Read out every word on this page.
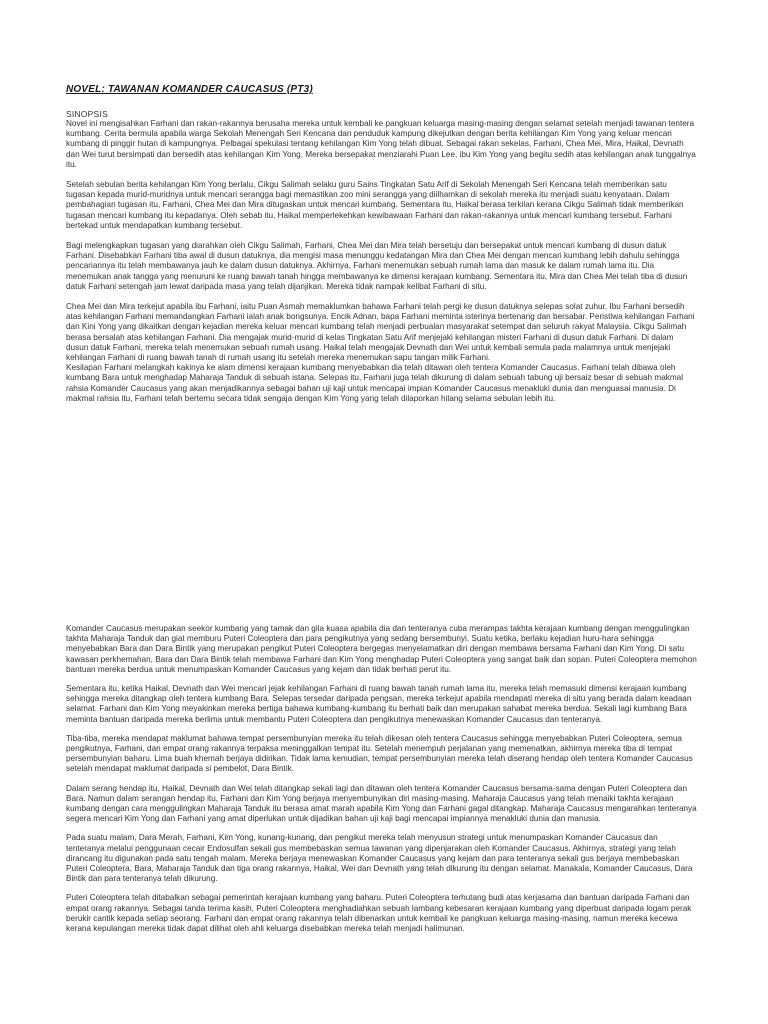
NOVEL: TAWANAN KOMANDER CAUCASUS (PT3)

SINOPSIS

Novel ini mengisahkan Farhani dan rakan-rakannya berusaha mereka untuk kembali ke pangkuan keluarga masing-masing dengan selamat setelah menjadi tawanan tentera kumbang. Cerita bermula apabila warga Sekolah Menengah Seri Kencana dan penduduk kampung dikejutkan dengan berita kehilangan Kim Yong yang keluar mencari kumbang di pinggir hutan di kampungnya. Pelbagai spekulasi tentang kehilangan Kim Yong telah dibuat. Sebagai rakan sekelas, Farhani, Chea Mei, Mira, Haikal, Devnath dan Wei turut bersimpati dan bersedih atas kehilangan Kim Yong. Mereka bersepakat menziarahi Puan Lee, ibu Kim Yong yang begitu sedih atas kehilangan anak tunggalnya itu.

Setelah sebulan berita kehilangan Kim Yong berlalu, Cikgu Salimah selaku guru Sains Tingkatan Satu Arif di Sekolah Menengah Seri Kencana telah memberikan satu tugasan kepada murid-muridnya untuk mencari serangga bagi memastikan zoo mini serangga yang diilhamkan di sekolah mereka itu menjadi suatu kenyataan. Dalam pembahagian tugasan itu, Farhani, Chea Mei dan Mira ditugaskan untuk mencari kumbang. Sementara itu, Haikal berasa terkilan kerana Cikgu Salimah tidak memberikan tugasan mencari kumbang itu kepadanya. Oleh sebab itu, Haikal memperlekehkan kewibawaan Farhani dan rakan-rakannya untuk mencari kumbang tersebut. Farhani bertekad untuk mendapatkan kumbang tersebut.

Bagi melengkapkan tugasan yang diarahkan oleh Cikgu Salimah, Farhani, Chea Mei dan Mira telah bersetuju dan bersepakat untuk mencari kumbang di dusun datuk Farhani. Disebabkan Farhani tiba awal di dusun datuknya, dia mengisi masa menunggu kedatangan Mira dan Chea Mei dengan mencari kumbang lebih dahulu sehingga pencariannya itu telah membawanya jauh ke dalam dusun datuknya. Akhirnya, Farhani menemukan sebuah rumah lama dan masuk ke dalam rumah lama itu. Dia menemukan anak tangga yang menuruni ke ruang bawah tanah hingga membawanya ke dimensi kerajaan kumbang. Sementara itu, Mira dan Chea Mei telah tiba di dusun datuk Farhani setengah jam lewat daripada masa yang telah dijanjikan. Mereka tidak nampak kelibat Farhani di situ.

Chea Mei dan Mira terkejut apabila ibu Farhani, iaitu Puan Asmah memaklumkan bahawa Farhani telah pergi ke dusun datuknya selepas solat zuhur. Ibu Farhani bersedih atas kehilangan Farhani memandangkan Farhani ialah anak bongsunya. Encik Adnan, bapa Farhani meminta isterinya bertenang dan bersabar. Peristiwa kehilangan Farhani dan Kini Yong yang dikaitkan dengan kejadian mereka keluar mencari kumbang telah menjadi perbualan masyarakat setempat dan seluruh rakyat Malaysia. Cikgu Salimah berasa bersalah atas kehilangan Farhani. Dia mengajak murid-murid di kelas Tingkatan Satu Arif menjejaki kehilangan misteri Farhani di dusun datuk Farhani. Di dalam dusun datuk Farhani, mereka telah menemukan sebuah rumah usang. Haikal telah mengajak Devnath dan Wei untuk kembali semula pada malamnya untuk menjejaki kehilangan Farhani di ruang bawah tanah di rumah usang itu setelah mereka menemukan sapu tangan milik Farhani.

Kesilapan Farhani melangkah kakinya ke alam dimensi kerajaan kumbang menyebabkan dia telah ditawan oleh tentera Komander Caucasus. Farhani telah dibawa oleh kumbang Bara untuk menghadap Maharaja Tanduk di sebuah istana. Selepas itu, Farhani juga telah dikurung di dalam sebuah tabung uji bersaiz besar di sebuah makmal rahsia Komander Caucasus yang akan menjadikannya sebagai bahan uji kaji untuk mencapai impian Komander Caucasus menakluki dunia dan menguasai manusia. Di makmal rahsia itu, Farhani telah bertemu secara tidak sengaja dengan Kim Yong yang telah dilaporkan hilang selama sebulan lebih itu.

Komander Caucasus merupakan seekor kumbang yang tamak dan gila kuasa apabila dia dan tenteranya cuba merampas takhta kerajaan kumbang dengan menggulingkan takhta Maharaja Tanduk dan giat memburu Puteri Coleoptera dan para pengikutnya yang sedang bersembunyi. Suatu ketika, berlaku kejadian huru-hara sehingga menyebabkan Bara dan Dara Bintik yang merupakan pengikut Puteri Coleoptera bergegas menyelamatkan diri dengan membawa bersama Farhani dan Kim Yong. Di satu kawasan perkhemahan, Bara dan Dara Bintik telah membawa Farhani dan Kim Yong menghadap Puteri Coleoptera yang sangat baik dan sopan. Puteri Coleoptera memohon bantuan mereka berdua untuk menumpaskan Komander Caucasus yang kejam dan tidak berhati perut itu.

Sementara itu, ketika Haikal, Devnath dan Wei mencari jejak kehilangan Farhani di ruang bawah tanah rumah lama itu, mereka telah memasuki dimensi kerajaan kumbang sehingga mereka ditangkap oleh tentera kumbang Bara. Selepas tersedar daripada pengsan, mereka terkejut apabila mendapati mereka di situ yang berada dalam keadaan selamat. Farhani dan Kim Yong meyakinkan mereka bertiga bahawa kumbang-kumbang itu berhati baik dan merupakan sahabat mereka berdua. Sekali lagi kumbang Bara meminta bantuan daripada mereka berlima untuk membantu Puteri Coleoptera dan pengikutnya menewaskan Komander Caucasus dan tenteranya.

Tiba-tiba, mereka mendapat maklumat bahawa tempat persembunyian mereka itu telah dikesan oleh tentera Caucasus sehingga menyebabkan Puteri Coleoptera, semua pengikutnya, Farhani, dan empat orang rakannya terpaksa meninggalkan tempat itu. Setelah menempuh perjalanan yang memenatkan, akhirnya mereka tiba di tempat persembunyian baharu. Lima buah khemah berjaya didirikan. Tidak lama kemudian, tempat persembunyian mereka telah diserang hendap oleh tentera Komander Caucasus setelah mendapat maklumat daripada si pembelot, Dara Bintik.

Dalam serang hendap itu, Haikal, Devnath dan Wei telah ditangkap sekali lagi dan ditawan oleh tentera Komander Caucasus bersama-sama dengan Puteri Coleoptera dan Bara. Namun dalam serangan hendap itu, Farhani dan Kim Yong berjaya menyembunyikan diri masing-masing. Maharaja Caucasus yang telah menaiki takhta kerajaan kumbang dengan cara menggulingkan Maharaja Tanduk itu berasa amat marah apabila Kim Yong dan Farhani gagal ditangkap. Maharaja Caucasus mengarahkan tenteranya segera mencari Kim Yong dan Farhani yang amat diperlukan untuk dijadikan bahan uji kaji bagi mencapai impiannya menakluki dunia dan manusia.

Pada suatu malam, Dara Merah, Farhani, Kim Yong, kunang-kunang, dan pengikut mereka telah menyusun strategi untuk menumpaskan Komander Caucasus dan tenteranya melalui penggunaan cecair Endosulfan sekali gus membebaskan semua tawanan yang dipenjarakan oleh Komander Caucasus. Akhirnya, strategi yang telah dirancang itu digunakan pada satu tengah malam. Mereka berjaya menewaskan Komander Caucasus yang kejam dan para tenteranya sekali gus berjaya membebaskan Puteri Coleoptera, Bara, Maharaja Tanduk dan tiga orang rakannya, Haikal, Wei dan Devnath yang telah dikurung itu dengan selamat. Manakala, Komander Caucasus, Dara Bintik dan para tenteranya telah dikurung.

Puteri Coleoptera telah ditabalkan sebagai pemerintah kerajaan kumbang yang baharu. Puteri Coleoptera terhutang budi atas kerjasama dan bantuan daripada Farhani dan empat orang rakannya. Sebagai tanda terima kasih, Puteri Coleoptera menghadiahkan sebuah lambang kebesaran kerajaan kumbang yang diperbuat daripada logam perak berukir cantik kepada setiap seorang. Farhani dan empat orang rakannya telah dibenarkan untuk kembali ke pangkuan keluarga masing-masing, namun mereka kecewa kerana kepulangan mereka tidak dapat dilihat oleh ahli keluarga disebabkan mereka telah menjadi halimunan.
